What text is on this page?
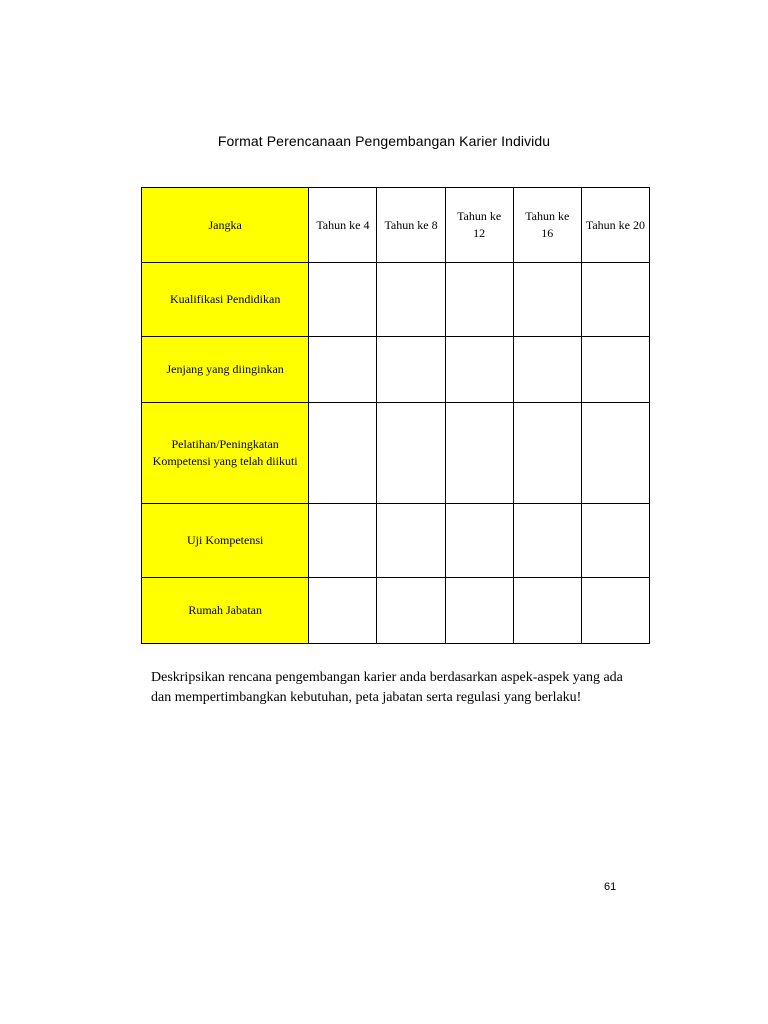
Format Perencanaan Pengembangan Karier Individu
Jangka	Tahun ke 4	Tahun ke 8	Tahun ke 12	Tahun ke 16	Tahun ke 20
Kualifikasi Pendidikan					
Jenjang yang diinginkan					
Pelatihan/Peningkatan Kompetensi yang telah diikuti					
Uji Kompetensi					
Rumah Jabatan					
Deskripsikan rencana pengembangan karier anda berdasarkan aspek-aspek yang ada dan mempertimbangkan kebutuhan, peta jabatan serta regulasi yang berlaku!
61
